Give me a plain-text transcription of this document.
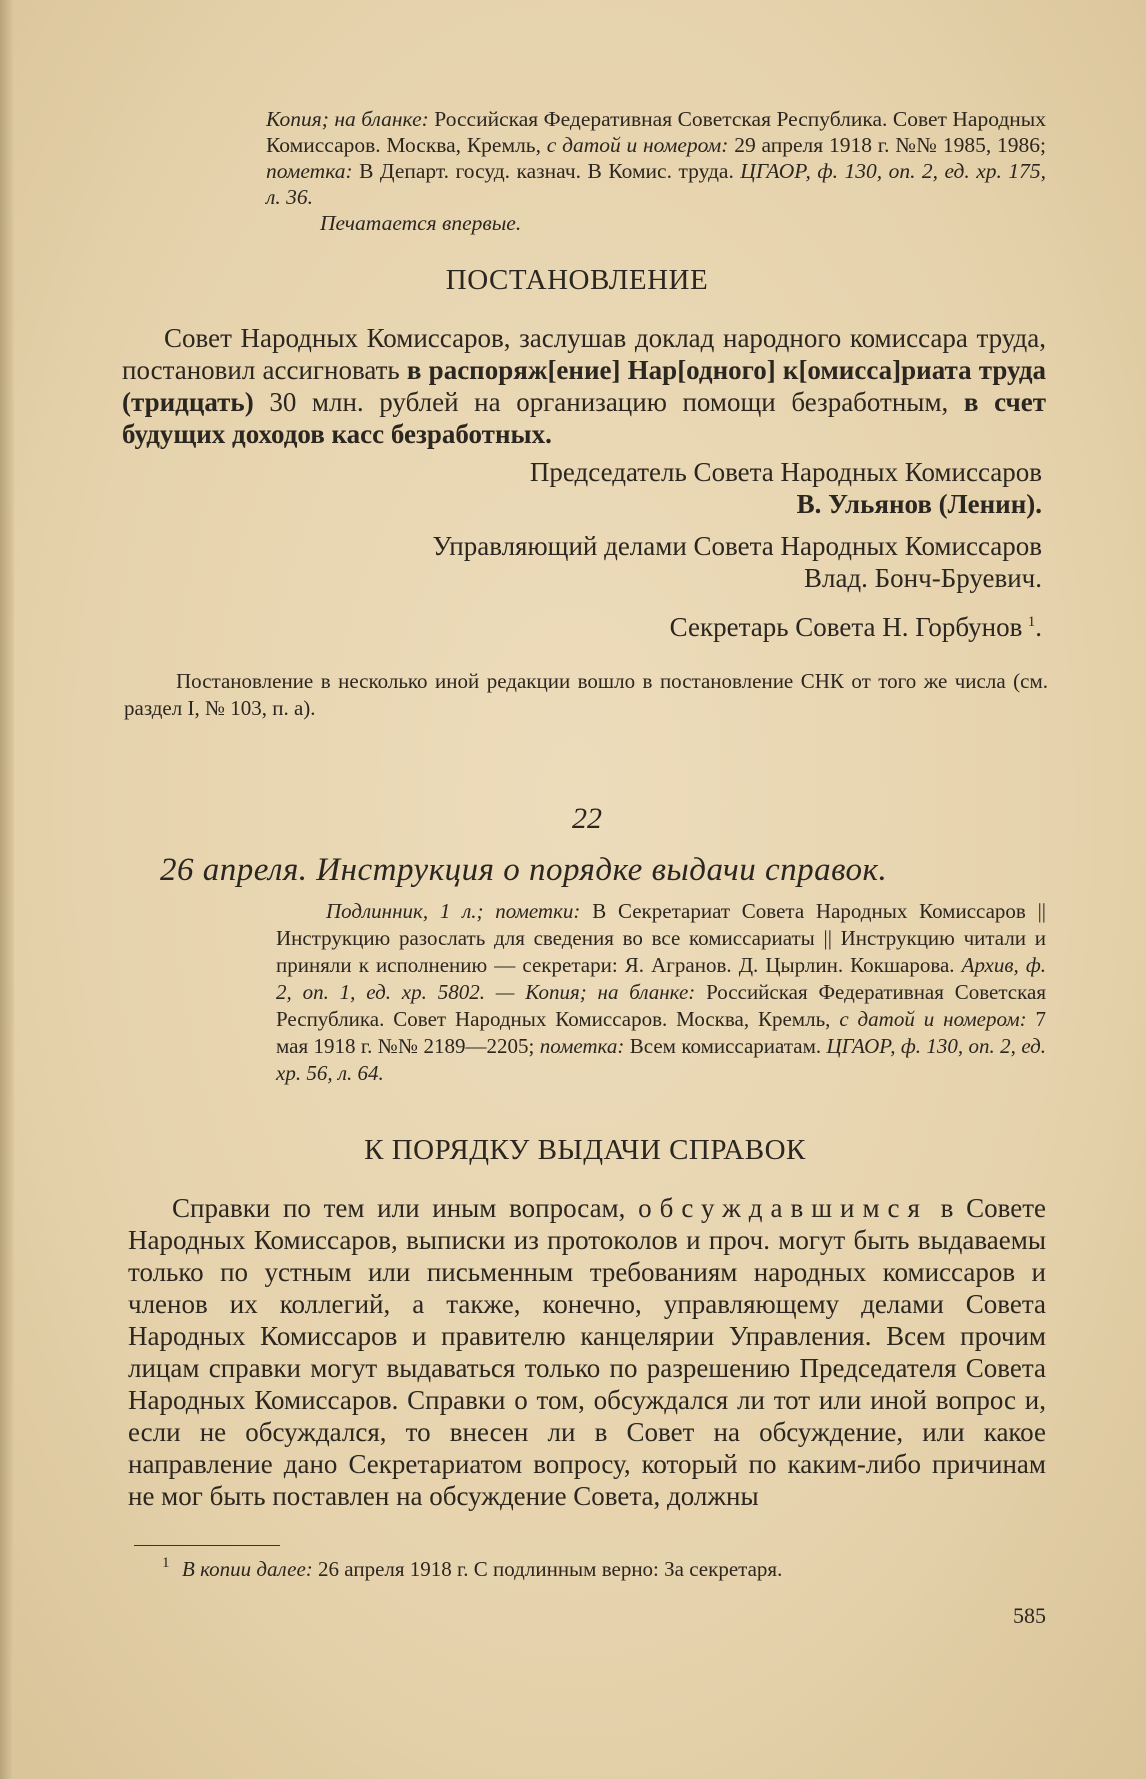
Копия; на бланке: Российская Федеративная Советская Республика. Совет Народных Комиссаров. Москва, Кремль, с датой и номером: 29 апреля 1918 г. №№ 1985, 1986; пометка: В Департ. госуд. казнач. В Комис. труда. ЦГАОР, ф. 130, оп. 2, ед. хр. 175, л. 36.
Печатается впервые.
ПОСТАНОВЛЕНИЕ
Совет Народных Комиссаров, заслушав доклад народного комиссара труда, постановил ассигновать в распоряж[ение] Нар[одного] к[омисса]риата труда (тридцать) 30 млн. рублей на организацию помощи безработным, в счет будущих доходов касс безработных.
Председатель Совета Народных Комиссаров
В. Ульянов (Ленин).
Управляющий делами Совета Народных Комиссаров
Влад. Бонч-Бруевич.
Секретарь Совета Н. Горбунов  $^1$.
Постановление в несколько иной редакции вошло в постановление СНК от того же числа (см. раздел I, № 103, п. а).
22
26 апреля. Инструкция о порядке выдачи справок.
Подлинник, 1 л.; пометки: В Секретариат Совета Народных Комиссаров || Инструкцию разослать для сведения во все комиссариаты || Инструкцию читали и приняли к исполнению — секретари: Я. Агранов. Д. Цырлин. Кокшарова. Архив, ф. 2, оп. 1, ед. хр. 5802. — Копия; на бланке: Российская Федеративная Советская Республика. Совет Народных Комиссаров. Москва, Кремль, с датой и номером: 7 мая 1918 г. №№ 2189—2205; пометка: Всем комиссариатам. ЦГАОР, ф. 130, оп. 2, ед. хр. 56, л. 64.
К ПОРЯДКУ ВЫДАЧИ СПРАВОК
Справки по тем или иным вопросам, обсуждавшимся в Совете Народных Комиссаров, выписки из протоколов и проч. могут быть выдаваемы только по устным или письменным требованиям народных комиссаров и членов их коллегий, а также, конечно, управляющему делами Совета Народных Комиссаров и правителю канцелярии Управления. Всем прочим лицам справки могут выдаваться только по разрешению Председателя Совета Народных Комиссаров. Справки о том, обсуждался ли тот или иной вопрос и, если не обсуждался, то внесен ли в Совет на обсуждение, или какое направление дано Секретариатом вопросу, который по каким-либо причинам не мог быть поставлен на обсуждение Совета, должны
1 В копии далее: 26 апреля 1918 г. С подлинным верно: За секретаря.
585
